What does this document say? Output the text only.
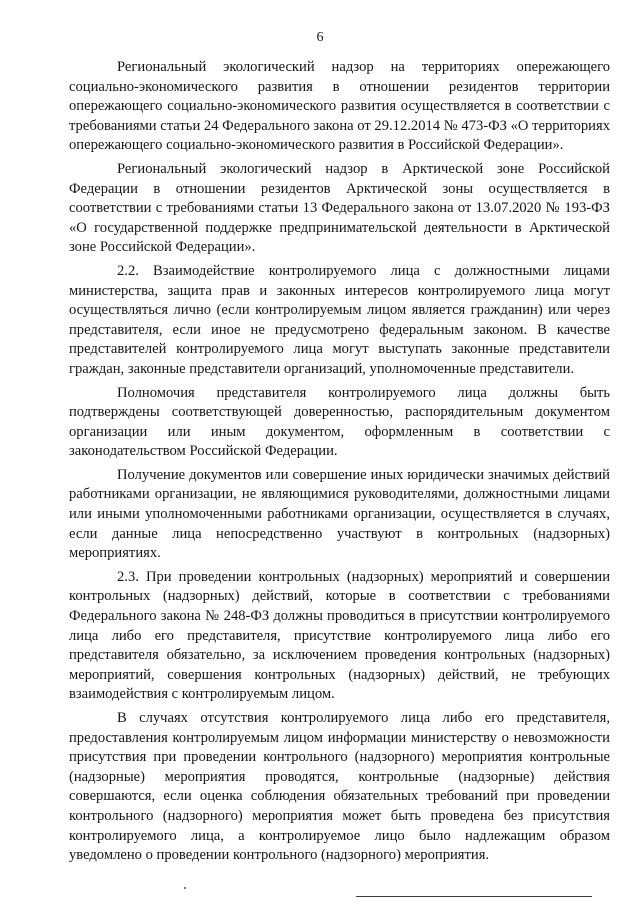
6

Региональный экологический надзор на территориях опережающего социально-экономического развития в отношении резидентов территории опережающего социально-экономического развития осуществляется в соответствии с требованиями статьи 24 Федерального закона от 29.12.2014 № 473-ФЗ «О территориях опережающего социально-экономического развития в Российской Федерации».

Региональный экологический надзор в Арктической зоне Российской Федерации в отношении резидентов Арктической зоны осуществляется в соответствии с требованиями статьи 13 Федерального закона от 13.07.2020 № 193-ФЗ «О государственной поддержке предпринимательской деятельности в Арктической зоне Российской Федерации».

2.2. Взаимодействие контролируемого лица с должностными лицами министерства, защита прав и законных интересов контролируемого лица могут осуществляться лично (если контролируемым лицом является гражданин) или через представителя, если иное не предусмотрено федеральным законом. В качестве представителей контролируемого лица могут выступать законные представители граждан, законные представители организаций, уполномоченные представители.

Полномочия представителя контролируемого лица должны быть подтверждены соответствующей доверенностью, распорядительным документом организации или иным документом, оформленным в соответствии с законодательством Российской Федерации.

Получение документов или совершение иных юридически значимых действий работниками организации, не являющимися руководителями, должностными лицами или иными уполномоченными работниками организации, осуществляется в случаях, если данные лица непосредственно участвуют в контрольных (надзорных) мероприятиях.

2.3. При проведении контрольных (надзорных) мероприятий и совершении контрольных (надзорных) действий, которые в соответствии с требованиями Федерального закона № 248-ФЗ должны проводиться в присутствии контролируемого лица либо его представителя, присутствие контролируемого лица либо его представителя обязательно, за исключением проведения контрольных (надзорных) мероприятий, совершения контрольных (надзорных) действий, не требующих взаимодействия с контролируемым лицом.

В случаях отсутствия контролируемого лица либо его представителя, предоставления контролируемым лицом информации министерству о невозможности присутствия при проведении контрольного (надзорного) мероприятия контрольные (надзорные) мероприятия проводятся, контрольные (надзорные) действия совершаются, если оценка соблюдения обязательных требований при проведении контрольного (надзорного) мероприятия может быть проведена без присутствия контролируемого лица, а контролируемое лицо было надлежащим образом уведомлено о проведении контрольного (надзорного) мероприятия.
